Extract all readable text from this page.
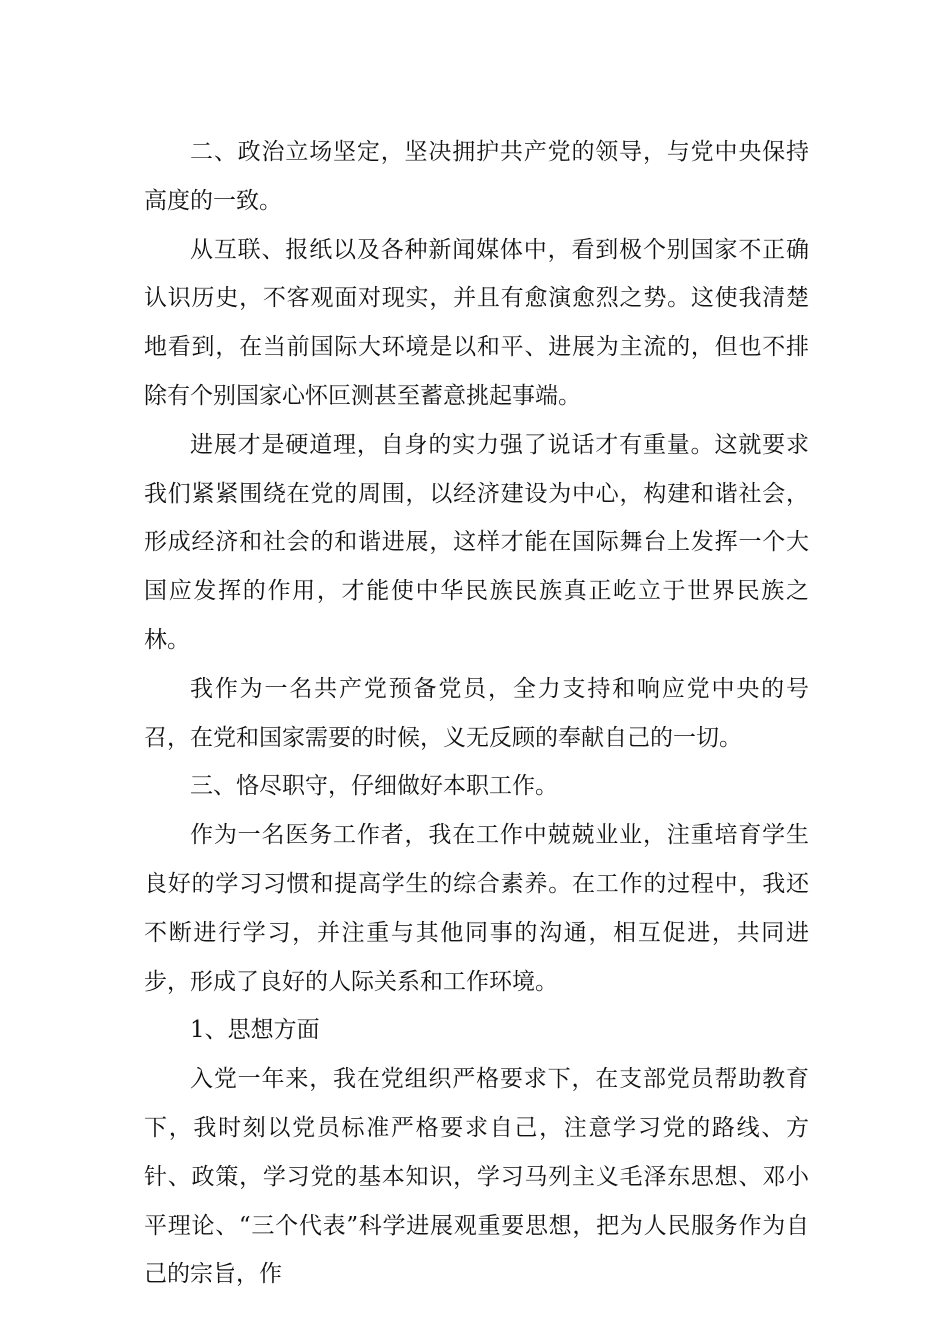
二、政治立场坚定，坚决拥护共产党的领导，与党中央保持高度的一致。

从互联、报纸以及各种新闻媒体中，看到极个别国家不正确认识历史，不客观面对现实，并且有愈演愈烈之势。这使我清楚地看到，在当前国际大环境是以和平、进展为主流的，但也不排除有个别国家心怀叵测甚至蓄意挑起事端。

进展才是硬道理，自身的实力强了说话才有重量。这就要求我们紧紧围绕在党的周围，以经济建设为中心，构建和谐社会，形成经济和社会的和谐进展，这样才能在国际舞台上发挥一个大国应发挥的作用，才能使中华民族民族真正屹立于世界民族之林。

我作为一名共产党预备党员，全力支持和响应党中央的号召，在党和国家需要的时候，义无反顾的奉献自己的一切。

三、恪尽职守，仔细做好本职工作。

作为一名医务工作者，我在工作中兢兢业业，注重培育学生良好的学习习惯和提高学生的综合素养。在工作的过程中，我还不断进行学习，并注重与其他同事的沟通，相互促进，共同进步，形成了良好的人际关系和工作环境。

1、思想方面

入党一年来，我在党组织严格要求下，在支部党员帮助教育下，我时刻以党员标准严格要求自己，注意学习党的路线、方针、政策，学习党的基本知识，学习马列主义毛泽东思想、邓小平理论、“三个代表”科学进展观重要思想，把为人民服务作为自己的宗旨，作
